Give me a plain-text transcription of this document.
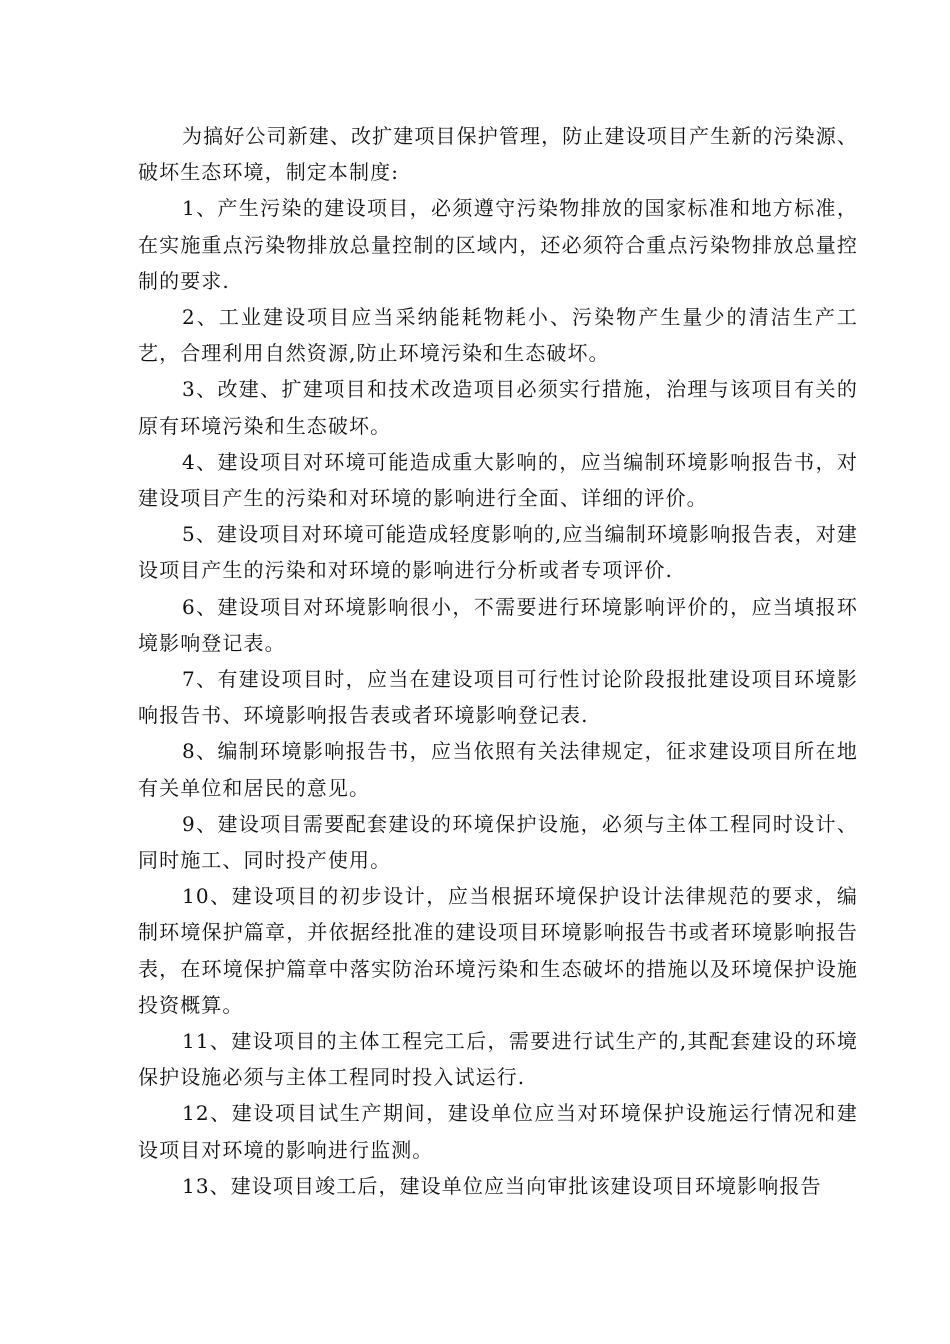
为搞好公司新建、改扩建项目保护管理，防止建设项目产生新的污染源、破坏生态环境，制定本制度:

1、产生污染的建设项目，必须遵守污染物排放的国家标准和地方标准，在实施重点污染物排放总量控制的区域内，还必须符合重点污染物排放总量控制的要求.

2、工业建设项目应当采纳能耗物耗小、污染物产生量少的清洁生产工艺，合理利用自然资源,防止环境污染和生态破坏。

3、改建、扩建项目和技术改造项目必须实行措施，治理与该项目有关的原有环境污染和生态破坏。

4、建设项目对环境可能造成重大影响的，应当编制环境影响报告书，对建设项目产生的污染和对环境的影响进行全面、详细的评价。

5、建设项目对环境可能造成轻度影响的,应当编制环境影响报告表，对建设项目产生的污染和对环境的影响进行分析或者专项评价.

6、建设项目对环境影响很小，不需要进行环境影响评价的，应当填报环境影响登记表。

7、有建设项目时，应当在建设项目可行性讨论阶段报批建设项目环境影响报告书、环境影响报告表或者环境影响登记表.

8、编制环境影响报告书，应当依照有关法律规定，征求建设项目所在地有关单位和居民的意见。

9、建设项目需要配套建设的环境保护设施，必须与主体工程同时设计、同时施工、同时投产使用。

10、建设项目的初步设计，应当根据环境保护设计法律规范的要求，编制环境保护篇章，并依据经批准的建设项目环境影响报告书或者环境影响报告表，在环境保护篇章中落实防治环境污染和生态破坏的措施以及环境保护设施投资概算。

11、建设项目的主体工程完工后，需要进行试生产的,其配套建设的环境保护设施必须与主体工程同时投入试运行.

12、建设项目试生产期间，建设单位应当对环境保护设施运行情况和建设项目对环境的影响进行监测。

13、建设项目竣工后，建设单位应当向审批该建设项目环境影响报告
